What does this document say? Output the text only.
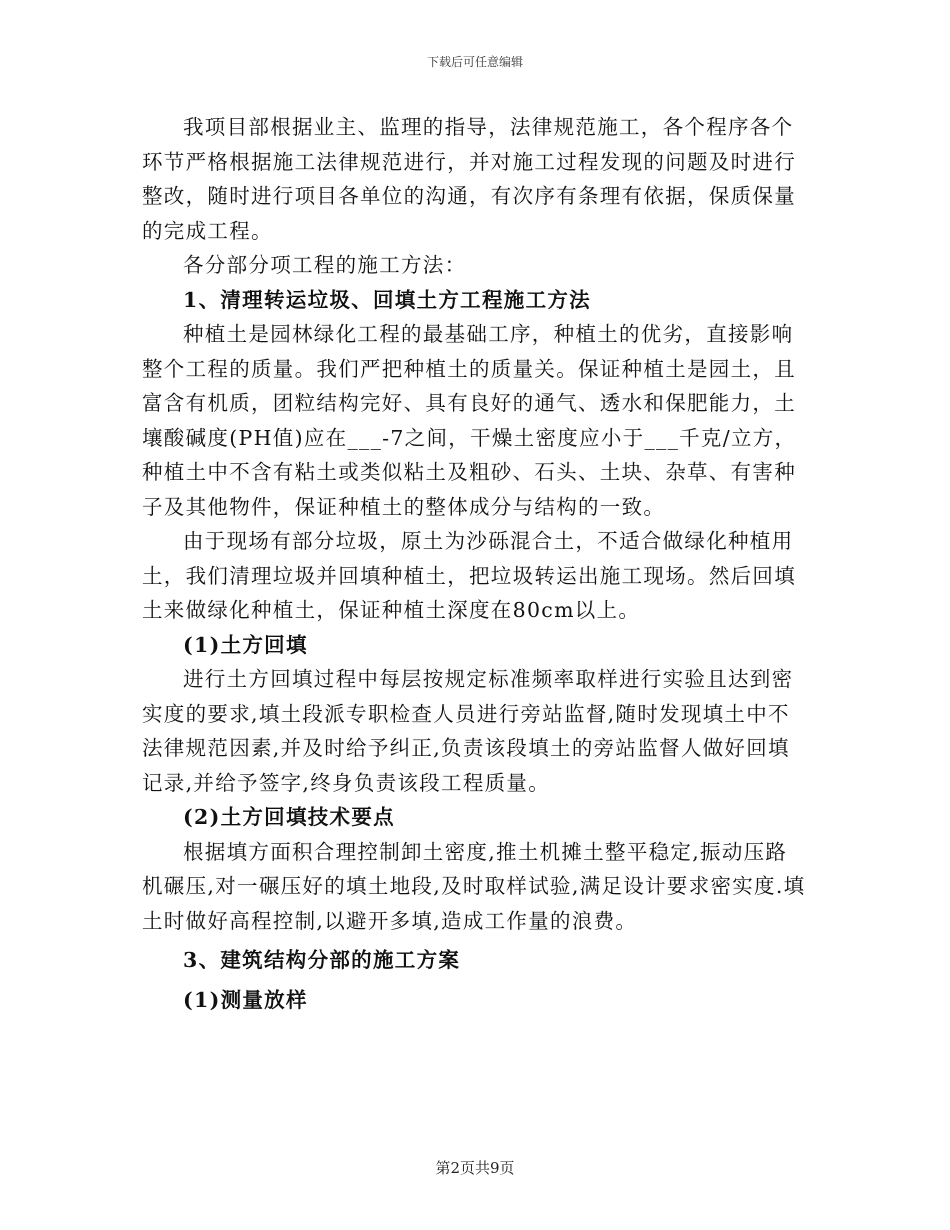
下载后可任意编辑

我项目部根据业主、监理的指导，法律规范施工，各个程序各个环节严格根据施工法律规范进行，并对施工过程发现的问题及时进行整改，随时进行项目各单位的沟通，有次序有条理有依据，保质保量的完成工程。

各分部分项工程的施工方法：

1、清理转运垃圾、回填土方工程施工方法

种植土是园林绿化工程的最基础工序，种植土的优劣，直接影响整个工程的质量。我们严把种植土的质量关。保证种植土是园土，且富含有机质，团粒结构完好、具有良好的通气、透水和保肥能力，土壤酸碱度(PH值)应在___-7之间，干燥土密度应小于___千克/立方，种植土中不含有粘土或类似粘土及粗砂、石头、土块、杂草、有害种子及其他物件，保证种植土的整体成分与结构的一致。

由于现场有部分垃圾，原土为沙砾混合土，不适合做绿化种植用土，我们清理垃圾并回填种植土，把垃圾转运出施工现场。然后回填土来做绿化种植土，保证种植土深度在80cm以上。

(1)土方回填

进行土方回填过程中每层按规定标准频率取样进行实验且达到密实度的要求,填土段派专职检查人员进行旁站监督,随时发现填土中不法律规范因素,并及时给予纠正,负责该段填土的旁站监督人做好回填记录,并给予签字,终身负责该段工程质量。

(2)土方回填技术要点

根据填方面积合理控制卸土密度,推土机摊土整平稳定,振动压路机碾压,对一碾压好的填土地段,及时取样试验,满足设计要求密实度.填土时做好高程控制,以避开多填,造成工作量的浪费。

3、建筑结构分部的施工方案

(1)测量放样

第2页共9页
